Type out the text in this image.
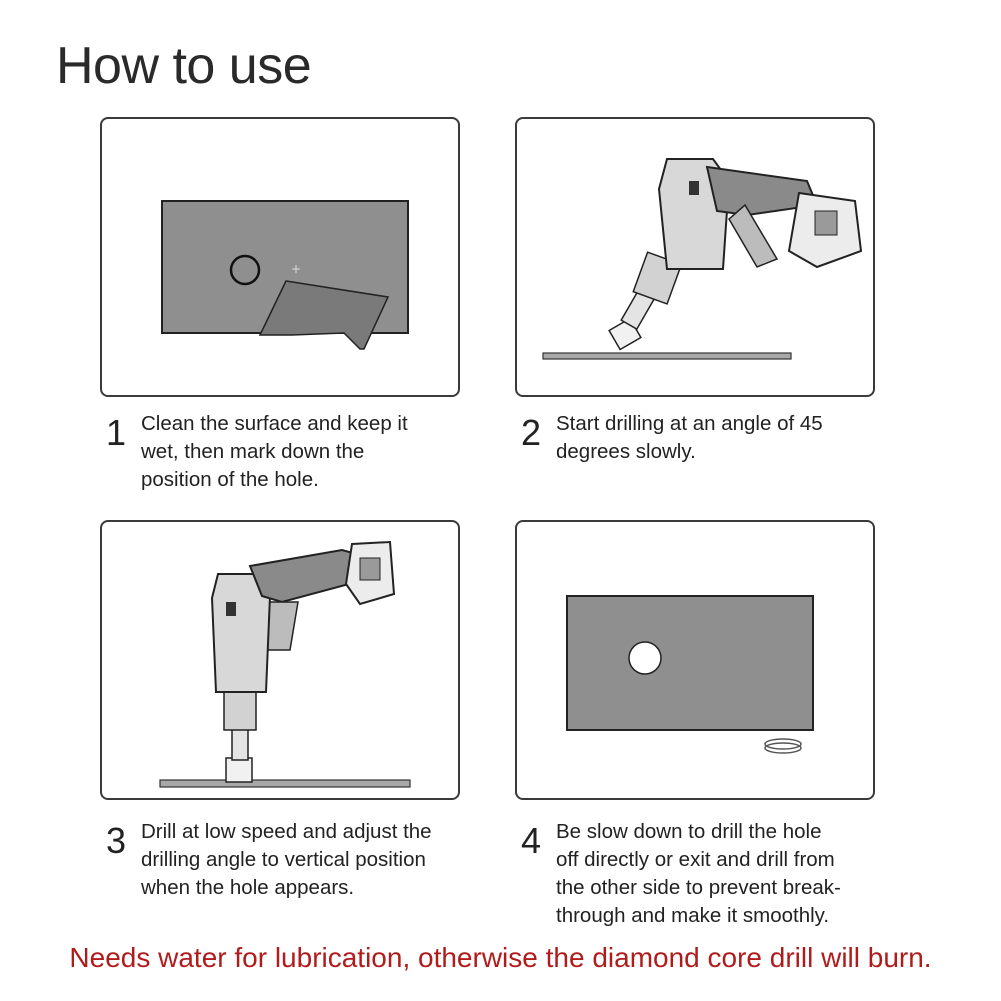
How to use
1 Clean the surface and keep it
wet, then mark down the
position of the hole.
2 Start drilling at an angle of 45
degrees slowly.
3 Drill at low speed and adjust the
drilling angle to vertical position
when the hole appears.
4 Be slow down to drill the hole
off directly or exit and drill from
the other side to prevent break-
through and make it smoothly.
Needs water for lubrication, otherwise the diamond core drill will burn.
